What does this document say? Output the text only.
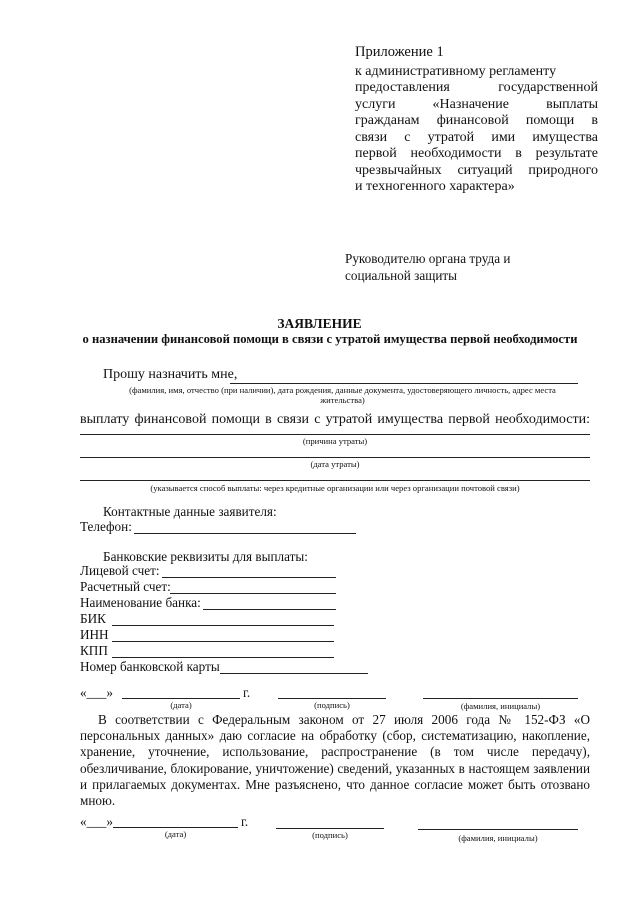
Приложение 1
к административному регламенту
предоставления государственной
услуги «Назначение выплаты
гражданам финансовой помощи в
связи с утратой ими имущества
первой необходимости в результате
чрезвычайных ситуаций природного
и техногенного характера»
Руководителю органа труда и
социальной защиты
ЗАЯВЛЕНИЕ
о назначении финансовой помощи в связи с утратой имущества первой необходимости
Прошу назначить мне,
(фамилия, имя, отчество (при наличии), дата рождения, данные документа, удостоверяющего личность, адрес места жительства)
выплату финансовой помощи в связи с утратой имущества первой необходимости:
(причина утраты)
(дата утраты)
(указывается способ выплаты: через кредитные организации или через организации почтовой связи)
Контактные данные заявителя:
Телефон:
Банковские реквизиты для выплаты:
Лицевой счет:
Расчетный счет:
Наименование банка:
БИК
ИНН
КПП
Номер банковской карты
«___»	г.
(дата)	(подпись)	(фамилия, инициалы)
В соответствии с Федеральным законом от 27 июля 2006 года № 152-ФЗ «О персональных данных» даю согласие на обработку (сбор, систематизацию, накопление, хранение, уточнение, использование, распространение (в том числе передачу), обезличивание, блокирование, уничтожение) сведений, указанных в настоящем заявлении и прилагаемых документах. Мне разъяснено, что данное согласие может быть отозвано мною.
«___»	г.
(дата)	(подпись)	(фамилия, инициалы)
